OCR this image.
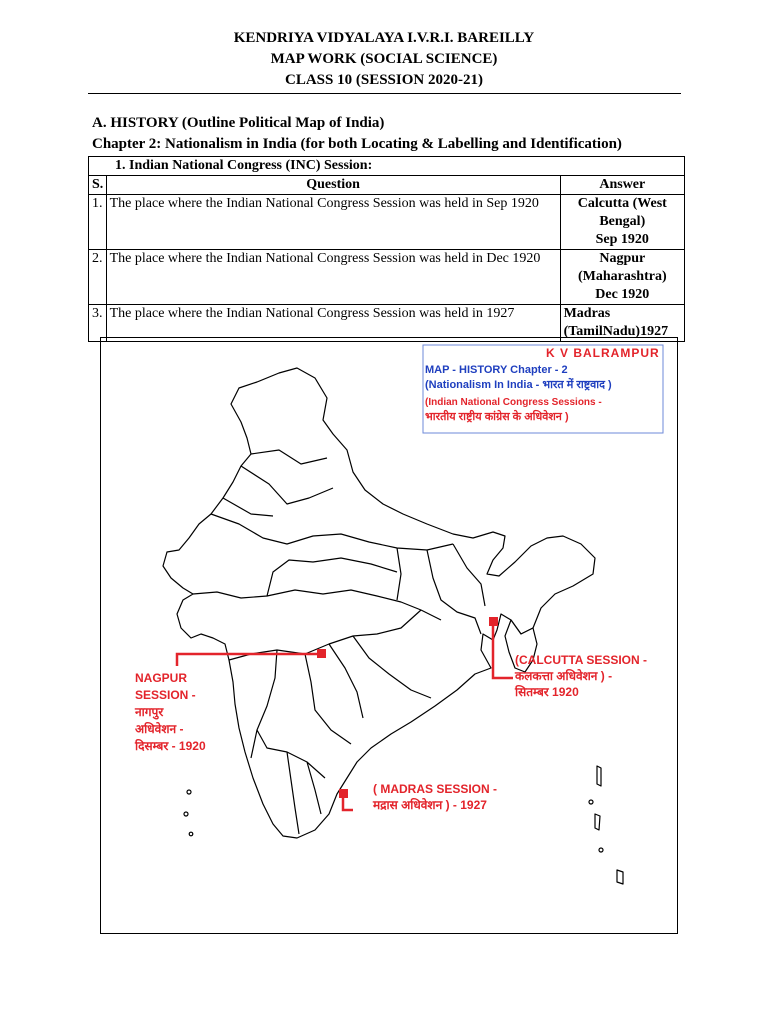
KENDRIYA VIDYALAYA I.V.R.I. BAREILLY
MAP WORK (SOCIAL SCIENCE)
CLASS 10 (SESSION 2020-21)
A. HISTORY (Outline Political Map of India)
Chapter 2: Nationalism in India (for both Locating & Labelling and Identification)
1. Indian National Congress (INC) Session:		
S.	Question	Answer
1.	The place where the Indian National Congress Session was held in Sep 1920	Calcutta (West
Bengal)
Sep 1920

2.	The place where the Indian National Congress Session was held in Dec 1920	Nagpur
(Maharashtra)
Dec 1920

3.	The place where the Indian National Congress Session was held in 1927	Madras
(TamilNadu)1927
K V BALRAMPUR
MAP - HISTORY Chapter - 2
(Nationalism In India - भारत में राष्ट्रवाद )
(Indian National Congress Sessions -
भारतीय राष्ट्रीय कांग्रेस के अधिवेशन )
NAGPUR
SESSION -
नागपुर
अधिवेशन -
दिसम्बर - 1920
(CALCUTTA SESSION -
कलकत्ता अधिवेशन ) -
सितम्बर 1920
( MADRAS SESSION -
मद्रास अधिवेशन ) - 1927
